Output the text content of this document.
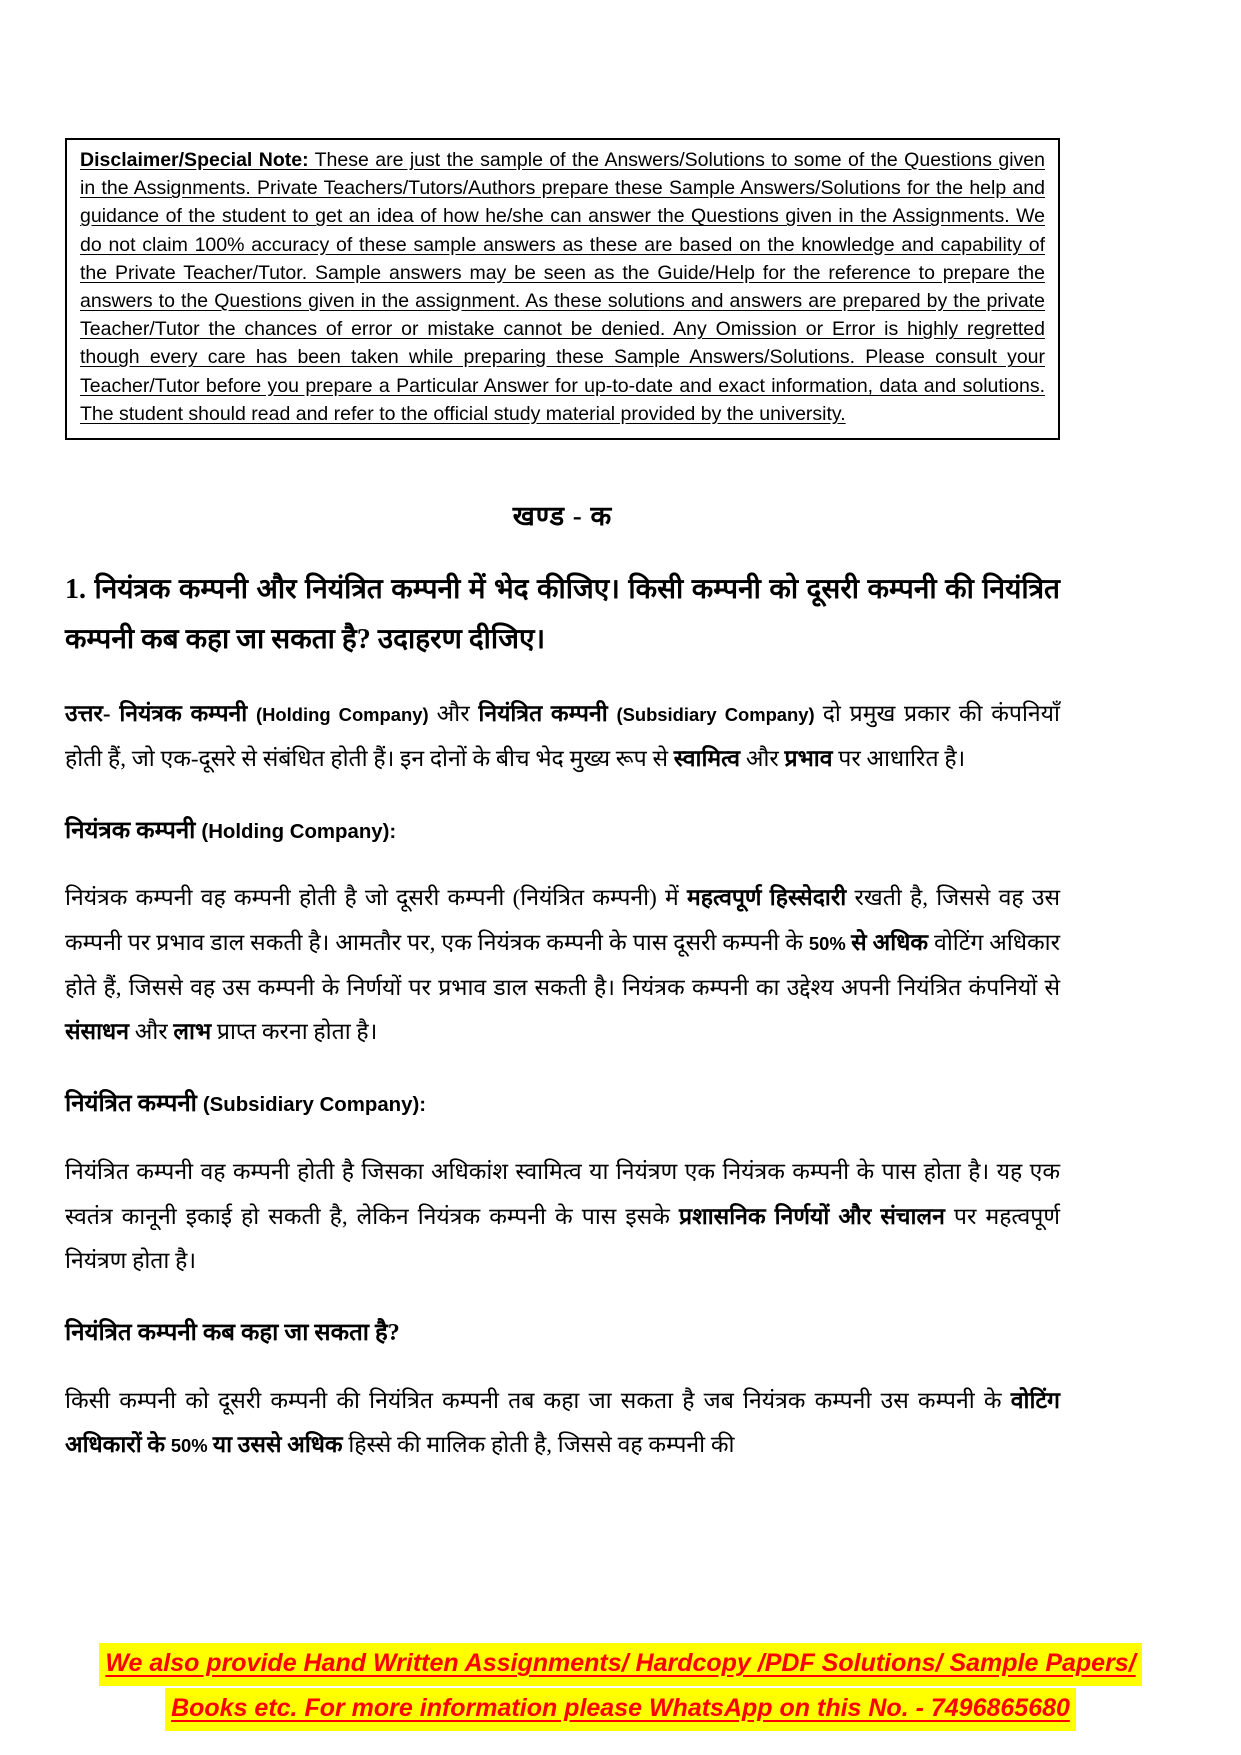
Disclaimer/Special Note: These are just the sample of the Answers/Solutions to some of the Questions given in the Assignments. Private Teachers/Tutors/Authors prepare these Sample Answers/Solutions for the help and guidance of the student to get an idea of how he/she can answer the Questions given in the Assignments. We do not claim 100% accuracy of these sample answers as these are based on the knowledge and capability of the Private Teacher/Tutor. Sample answers may be seen as the Guide/Help for the reference to prepare the answers to the Questions given in the assignment. As these solutions and answers are prepared by the private Teacher/Tutor the chances of error or mistake cannot be denied. Any Omission or Error is highly regretted though every care has been taken while preparing these Sample Answers/Solutions. Please consult your Teacher/Tutor before you prepare a Particular Answer for up-to-date and exact information, data and solutions. The student should read and refer to the official study material provided by the university.

खण्ड - क

1. नियंत्रक कम्पनी और नियंत्रित कम्पनी में भेद कीजिए। किसी कम्पनी को दूसरी कम्पनी की नियंत्रित कम्पनी कब कहा जा सकता है? उदाहरण दीजिए।

उत्तर- नियंत्रक कम्पनी (Holding Company) और नियंत्रित कम्पनी (Subsidiary Company) दो प्रमुख प्रकार की कंपनियाँ होती हैं, जो एक-दूसरे से संबंधित होती हैं। इन दोनों के बीच भेद मुख्य रूप से स्वामित्व और प्रभाव पर आधारित है।

नियंत्रक कम्पनी (Holding Company):

नियंत्रक कम्पनी वह कम्पनी होती है जो दूसरी कम्पनी (नियंत्रित कम्पनी) में महत्वपूर्ण हिस्सेदारी रखती है, जिससे वह उस कम्पनी पर प्रभाव डाल सकती है। आमतौर पर, एक नियंत्रक कम्पनी के पास दूसरी कम्पनी के 50% से अधिक वोटिंग अधिकार होते हैं, जिससे वह उस कम्पनी के निर्णयों पर प्रभाव डाल सकती है। नियंत्रक कम्पनी का उद्देश्य अपनी नियंत्रित कंपनियों से संसाधन और लाभ प्राप्त करना होता है।

नियंत्रित कम्पनी (Subsidiary Company):

नियंत्रित कम्पनी वह कम्पनी होती है जिसका अधिकांश स्वामित्व या नियंत्रण एक नियंत्रक कम्पनी के पास होता है। यह एक स्वतंत्र कानूनी इकाई हो सकती है, लेकिन नियंत्रक कम्पनी के पास इसके प्रशासनिक निर्णयों और संचालन पर महत्वपूर्ण नियंत्रण होता है।

नियंत्रित कम्पनी कब कहा जा सकता है?

किसी कम्पनी को दूसरी कम्पनी की नियंत्रित कम्पनी तब कहा जा सकता है जब नियंत्रक कम्पनी उस कम्पनी के वोटिंग अधिकारों के 50% या उससे अधिक हिस्से की मालिक होती है, जिससे वह कम्पनी की

We also provide Hand Written Assignments/ Hardcopy /PDF Solutions/ Sample Papers/
Books etc. For more information please WhatsApp on this No. - 7496865680
